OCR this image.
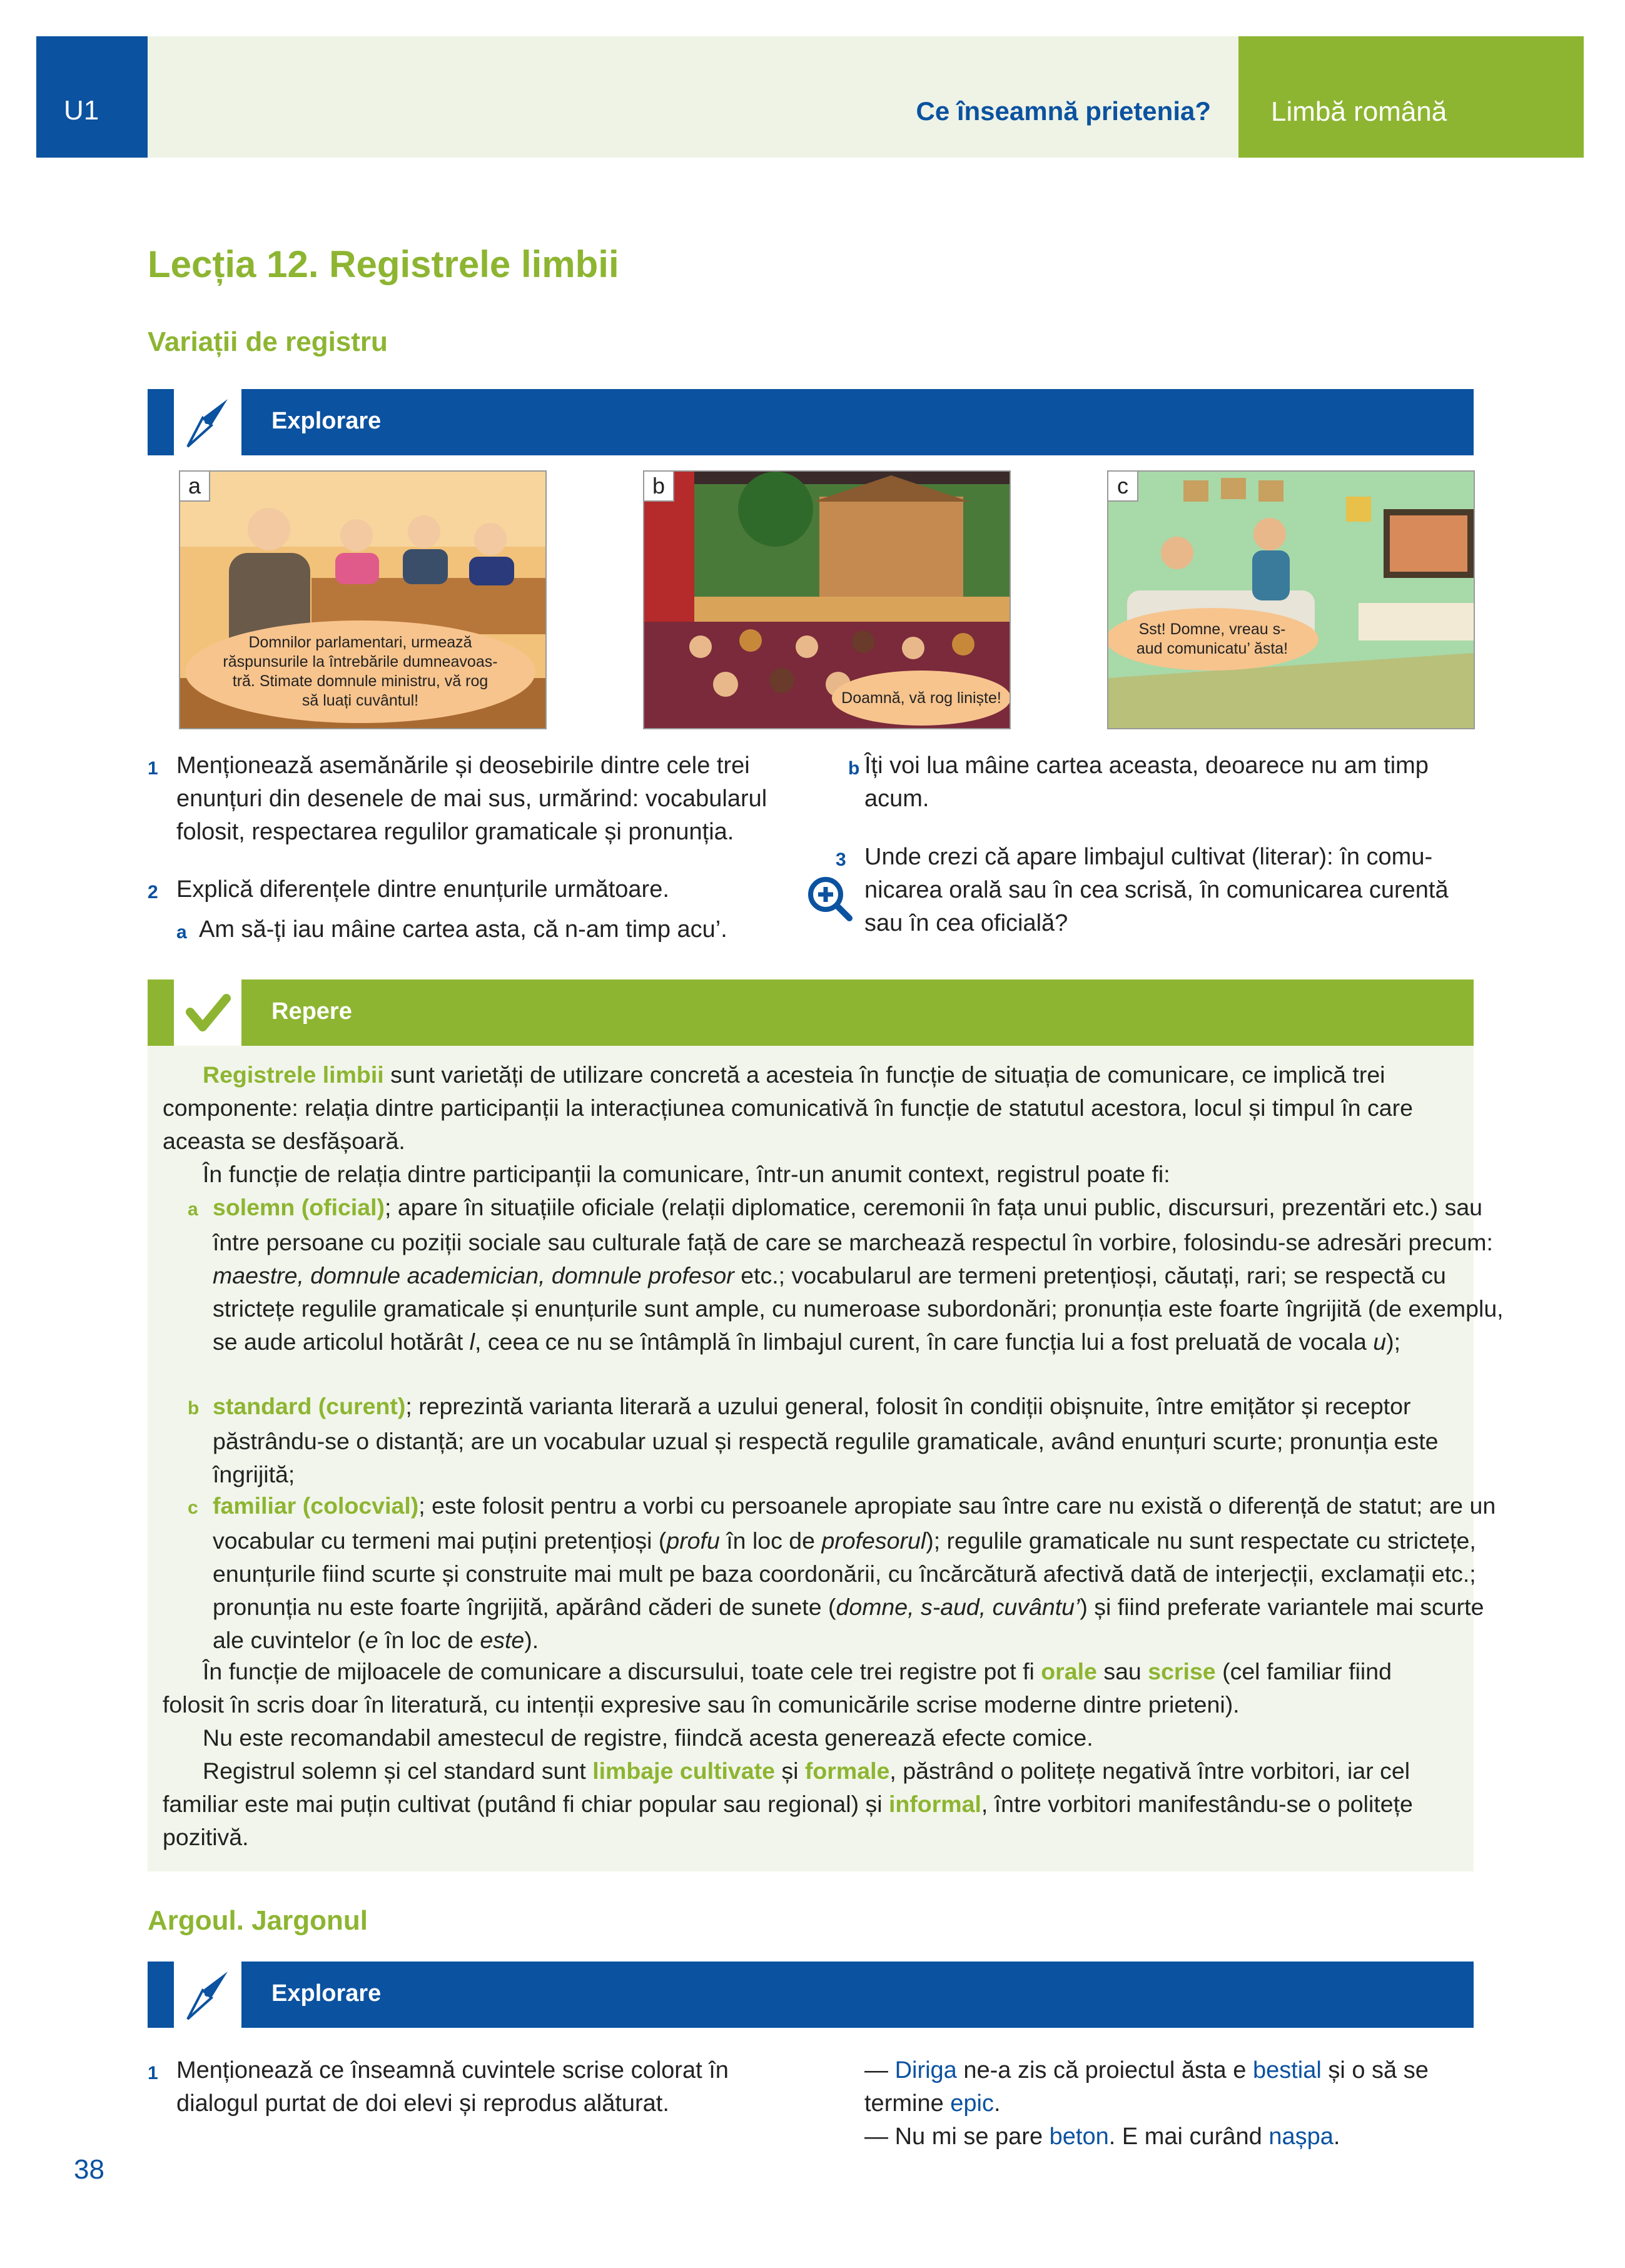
U1	Ce înseamnă prietenia?	Limbă română
Lecția 12. Registrele limbii
Variații de registru
Explorare
a
Domnilor parlamentari, urmează răspunsurile la întrebările dumneavoastră. Stimate domnule ministru, vă rog să luați cuvântul!
b
Doamnă, vă rog liniște!
c
Sst! Domne, vreau s-aud comunicatu’ ăsta!
1 Menționează asemănările și deosebirile dintre cele trei enunțuri din desenele de mai sus, urmărind: vocabularul folosit, respectarea regulilor gramaticale și pronunția.
2 Explică diferențele dintre enunțurile următoare.
a Am să-ți iau mâine cartea asta, că n-am timp acu’.
b Îți voi lua mâine cartea aceasta, deoarece nu am timp acum.
3 Unde crezi că apare limbajul cultivat (literar): în comunicarea orală sau în cea scrisă, în comunicarea curentă sau în cea oficială?
Repere

Registrele limbii sunt varietăți de utilizare concretă a acesteia în funcție de situația de comunicare, ce implică trei componente: relația dintre participanții la interacțiunea comunicativă în funcție de statutul acestora, locul și timpul în care aceasta se desfășoară.

În funcție de relația dintre participanții la comunicare, într-un anumit context, registrul poate fi:

a solemn (oficial); apare în situațiile oficiale (relații diplomatice, ceremonii în fața unui public, discursuri, prezentări etc.) sau între persoane cu poziții sociale sau culturale față de care se marchează respectul în vorbire, folosindu-se adresări precum: maestre, domnule academician, domnule profesor etc.; vocabularul are termeni pretențioși, căutați, rari; se respectă cu strictețe regulile gramaticale și enunțurile sunt ample, cu numeroase subordonări; pronunția este foarte îngrijită (de exemplu, se aude articolul hotărât l, ceea ce nu se întâmplă în limbajul curent, în care funcția lui a fost preluată de vocala u);

b standard (curent); reprezintă varianta literară a uzului general, folosit în condiții obișnuite, între emițător și receptor păstrându-se o distanță; are un vocabular uzual și respectă regulile gramaticale, având enunțuri scurte; pronunția este îngrijită;

c familiar (colocvial); este folosit pentru a vorbi cu persoanele apropiate sau între care nu există o diferență de statut; are un vocabular cu termeni mai puțini pretențioși (profu în loc de profesorul); regulile gramaticale nu sunt respectate cu strictețe, enunțurile fiind scurte și construite mai mult pe baza coordonării, cu încărcătură afectivă dată de interjecții, exclamații etc.; pronunția nu este foarte îngrijită, apărând căderi de sunete (domne, s-aud, cuvântu’) și fiind preferate variantele mai scurte ale cuvintelor (e în loc de este).

În funcție de mijloacele de comunicare a discursului, toate cele trei registre pot fi orale sau scrise (cel familiar fiind folosit în scris doar în literatură, cu intenții expresive sau în comunicările scrise moderne dintre prieteni).

Nu este recomandabil amestecul de registre, fiindcă acesta generează efecte comice.

Registrul solemn și cel standard sunt limbaje cultivate și formale, păstrând o politețe negativă între vorbitori, iar cel familiar este mai puțin cultivat (putând fi chiar popular sau regional) și informal, între vorbitori manifestându-se o politețe pozitivă.

Argoul. Jargonul
Explorare
1 Menționează ce înseamnă cuvintele scrise colorat în dialogul purtat de doi elevi și reprodus alăturat.
— Diriga ne-a zis că proiectul ăsta e bestial și o să se termine epic.
— Nu mi se pare beton. E mai curând nașpa.
38
